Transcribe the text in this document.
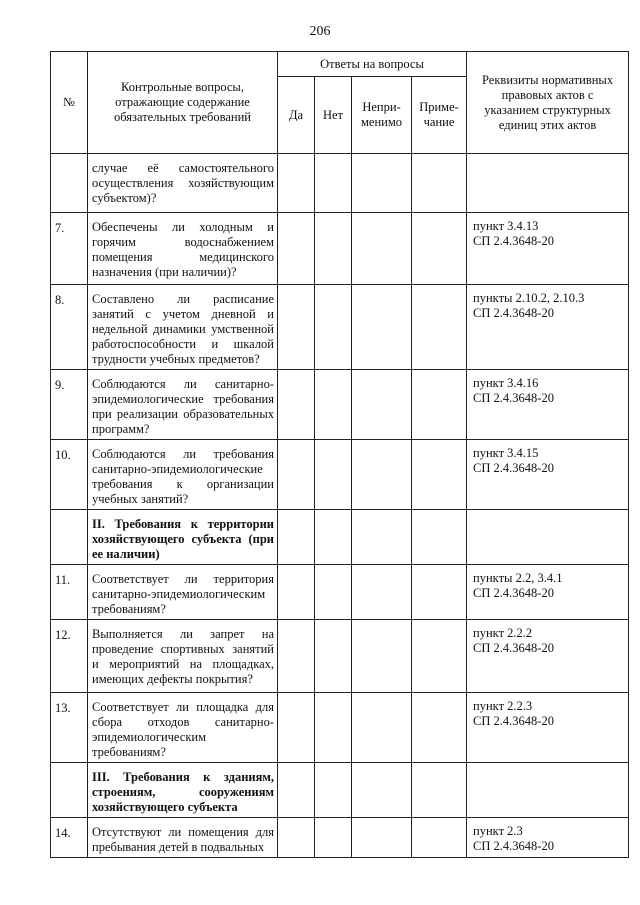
206
№	Контрольные вопросы, отражающие содержание обязательных требований	Ответы на вопросы				Реквизиты нормативных правовых актов с указанием структурных единиц этих актов
		Да	Нет	Непри-менимо	Приме-чание	
	случае её самостоятельного осуществления хозяйствующим субъектом)?					

7.	Обеспечены ли холодным и горячим водоснабжением помещения медицинского назначения (при наличии)?					пункт 3.4.13
СП 2.4.3648-20

8.	Составлено ли расписание занятий с учетом дневной и недельной динамики умственной работоспособности и шкалой трудности учебных предметов?					пункты 2.10.2, 2.10.3
СП 2.4.3648-20

9.	Соблюдаются ли санитарно-эпидемиологические требования при реализации образовательных программ?					пункт 3.4.16
СП 2.4.3648-20

10.	Соблюдаются ли требования санитарно-эпидемиологические требования к организации учебных занятий?					пункт 3.4.15
СП 2.4.3648-20

	II. Требования к территории хозяйствующего субъекта (при ее наличии)					

11.	Соответствует ли территория санитарно-эпидемиологическим требованиям?					пункты 2.2, 3.4.1
СП 2.4.3648-20

12.	Выполняется ли запрет на проведение спортивных занятий и мероприятий на площадках, имеющих дефекты покрытия?					пункт 2.2.2
СП 2.4.3648-20

13.	Соответствует ли площадка для сбора отходов санитарно-эпидемиологическим требованиям?					пункт 2.2.3
СП 2.4.3648-20

	III. Требования к зданиям, строениям, сооружениям хозяйствующего субъекта					

14.	Отсутствуют ли помещения для пребывания детей в подвальных					пункт 2.3
СП 2.4.3648-20
